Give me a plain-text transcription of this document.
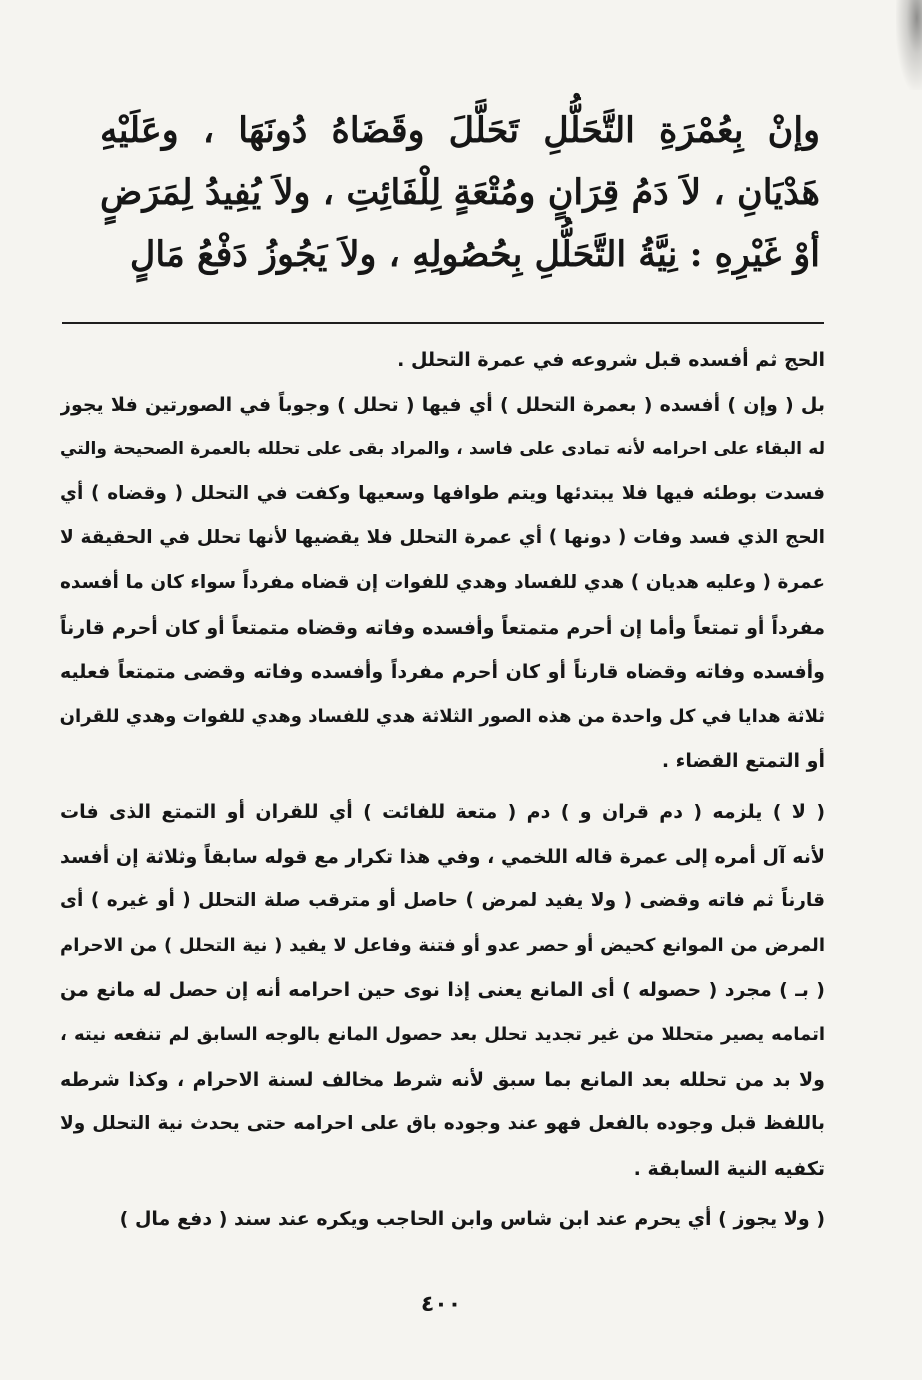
وإنْ بِعُمْرَةِ التَّحَلُّلِ تَحَلَّلَ وقَضَاهُ دُونَهَا ، وعَلَيْهِ هَدْيَانِ ، لاَ دَمُ قِرَانٍ ومُتْعَةٍ لِلْفَائِتِ ، ولاَ يُفِيدُ لِمَرَضٍ أوْ غَيْرِهِ : نِيَّةُ التَّحَلُّلِ بِحُصُولِهِ ، ولاَ يَجُوزُ دَفْعُ مَالٍ

الحج ثم أفسده قبل شروعه في عمرة التحلل .
بل ( وإن ) أفسده ( بعمرة التحلل ) أي فيها ( تحلل ) وجوباً في الصورتين فلا يجوز
له البقاء على احرامه لأنه تمادى على فاسد ، والمراد بقى على تحلله بالعمرة الصحيحة والتي
فسدت بوطئه فيها فلا يبتدئها ويتم طوافها وسعيها وكفت في التحلل ( وقضاه ) أي
الحج الذي فسد وفات ( دونها ) أي عمرة التحلل فلا يقضيها لأنها تحلل في الحقيقة لا
عمرة ( وعليه هديان ) هدي للفساد وهدي للفوات إن قضاه مفرداً سواء كان ما أفسده
مفرداً أو تمتعاً وأما إن أحرم متمتعاً وأفسده وفاته وقضاه متمتعاً أو كان أحرم قارناً
وأفسده وفاته وقضاه قارناً أو كان أحرم مفرداً وأفسده وفاته وقضى متمتعاً فعليه
ثلاثة هدايا في كل واحدة من هذه الصور الثلاثة هدي للفساد وهدي للفوات وهدي للقران
أو التمتع القضاء .
( لا ) يلزمه ( دم قران و ) دم ( متعة للفائت ) أي للقران أو التمتع الذى فات
لأنه آل أمره إلى عمرة قاله اللخمي ، وفي هذا تكرار مع قوله سابقاً وثلاثة إن أفسد
قارناً ثم فاته وقضى ( ولا يفيد لمرض ) حاصل أو مترقب صلة التحلل ( أو غيره ) أى
المرض من الموانع كحيض أو حصر عدو أو فتنة وفاعل لا يفيد ( نية التحلل ) من الاحرام
( بـ ) مجرد ( حصوله ) أى المانع يعنى إذا نوى حين احرامه أنه إن حصل له مانع من
اتمامه يصير متحللا من غير تجديد تحلل بعد حصول المانع بالوجه السابق لم تنفعه نيته ،
ولا بد من تحلله بعد المانع بما سبق لأنه شرط مخالف لسنة الاحرام ، وكذا شرطه
باللفظ قبل وجوده بالفعل فهو عند وجوده باق على احرامه حتى يحدث نية التحلل ولا
تكفيه النية السابقة .
( ولا يجوز ) أي يحرم عند ابن شاس وابن الحاجب ويكره عند سند ( دفع مال )
٤٠٠
